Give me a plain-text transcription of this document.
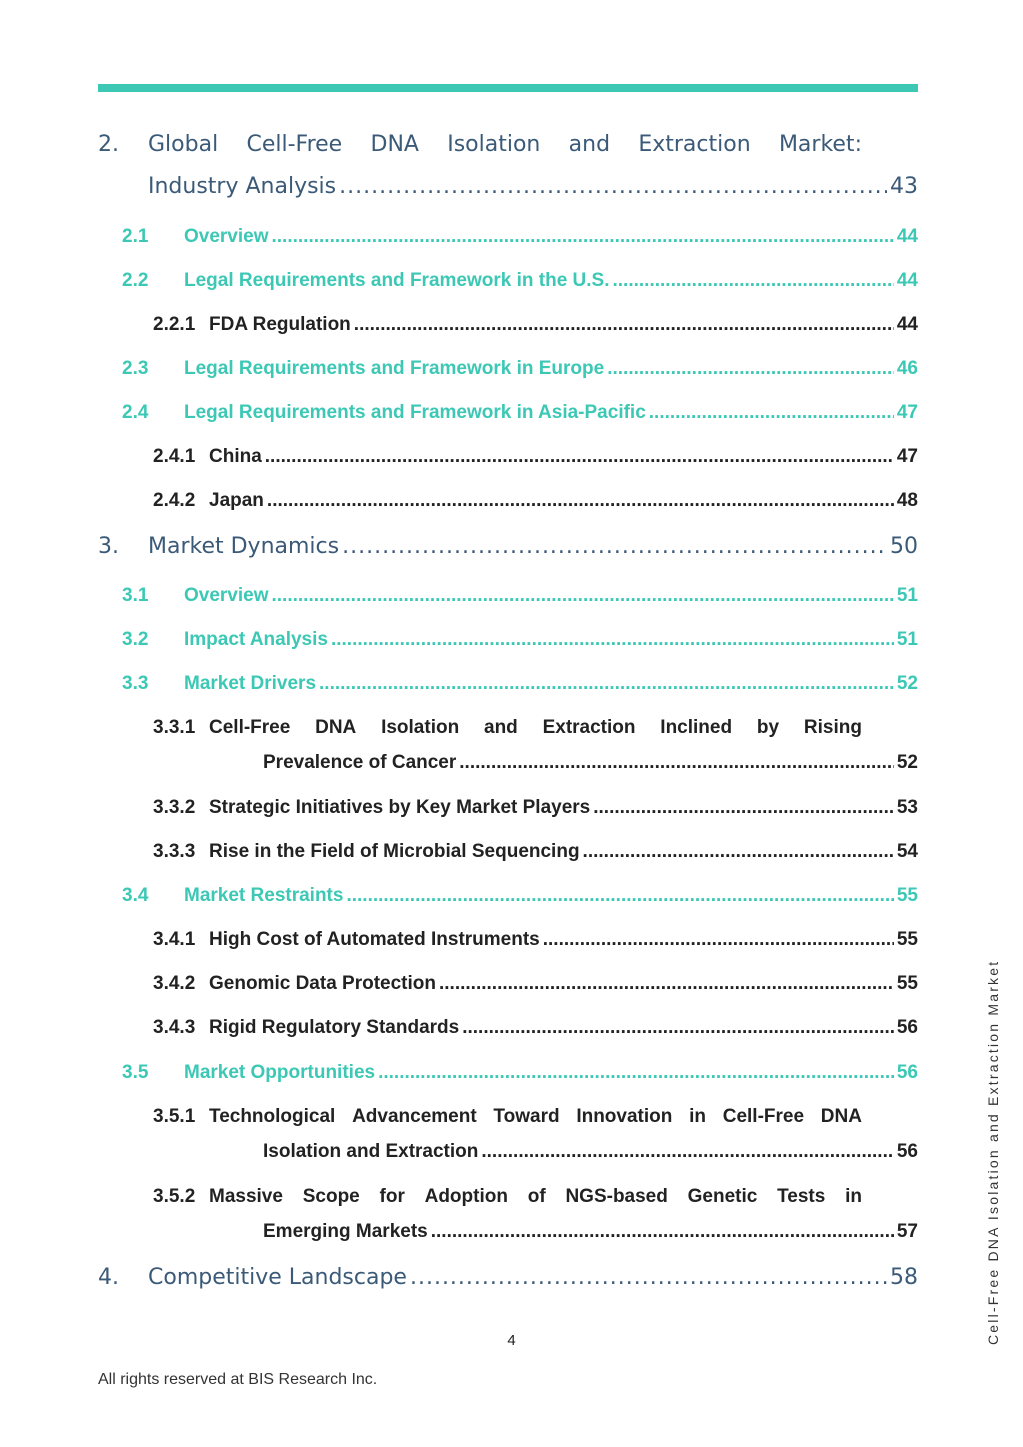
2.	Global Cell-Free DNA Isolation and Extraction Market:
Industry Analysis .....	43
2.1	Overview .....	44
2.2	Legal Requirements and Framework in the U.S. .....	44
2.2.1 FDA Regulation .....	44
2.3	Legal Requirements and Framework in Europe .....	46
2.4	Legal Requirements and Framework in Asia-Pacific .....	47
2.4.1 China .....	47
2.4.2 Japan .....	48
3.	Market Dynamics .....	50
3.1	Overview .....	51
3.2	Impact Analysis .....	51
3.3	Market Drivers .....	52
3.3.1 Cell-Free DNA Isolation and Extraction Inclined by Rising
Prevalence of Cancer .....	52
3.3.2 Strategic Initiatives by Key Market Players .....	53
3.3.3 Rise in the Field of Microbial Sequencing .....	54
3.4	Market Restraints .....	55
3.4.1 High Cost of Automated Instruments .....	55
3.4.2 Genomic Data Protection .....	55
3.4.3 Rigid Regulatory Standards .....	56
3.5	Market Opportunities .....	56
3.5.1 Technological Advancement Toward Innovation in Cell-Free DNA
Isolation and Extraction .....	56
3.5.2 Massive Scope for Adoption of NGS-based Genetic Tests in
Emerging Markets .....	57
4.	Competitive Landscape .....	58
4
All rights reserved at BIS Research Inc.
Cell-Free DNA Isolation and Extraction Market
